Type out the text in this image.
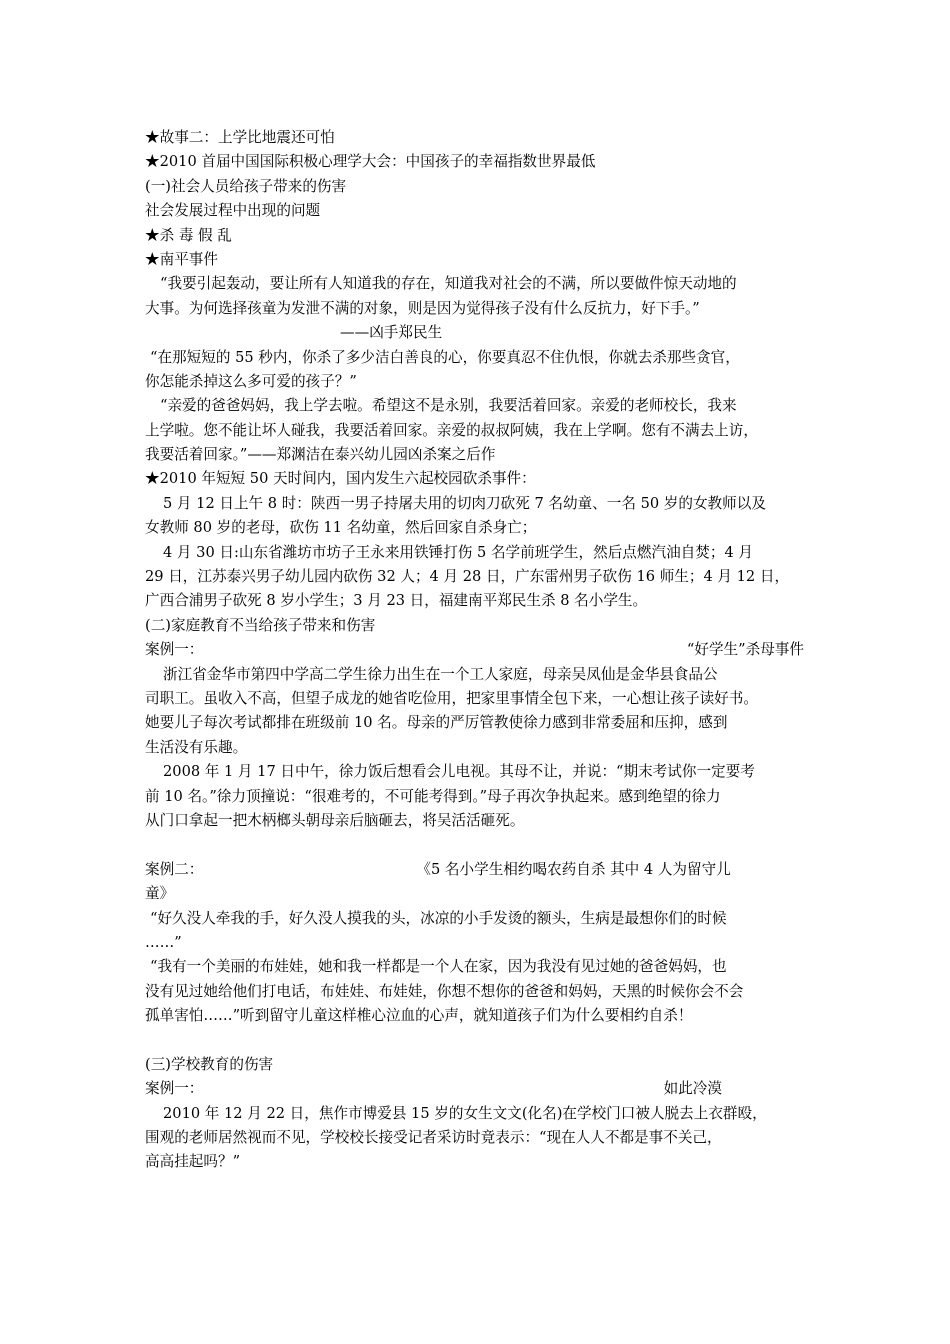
★故事二：上学比地震还可怕
★2010 首届中国国际积极心理学大会：中国孩子的幸福指数世界最低
(一)社会人员给孩子带来的伤害
社会发展过程中出现的问题
★杀 毒 假 乱
★南平事件
“我要引起轰动，要让所有人知道我的存在，知道我对社会的不满，所以要做件惊天动地的
大事。为何选择孩童为发泄不满的对象，则是因为觉得孩子没有什么反抗力，好下手。”
——凶手郑民生
“在那短短的 55 秒内，你杀了多少洁白善良的心，你要真忍不住仇恨，你就去杀那些贪官，
你怎能杀掉这么多可爱的孩子？”
“亲爱的爸爸妈妈，我上学去啦。希望这不是永别，我要活着回家。亲爱的老师校长，我来
上学啦。您不能让坏人碰我，我要活着回家。亲爱的叔叔阿姨，我在上学啊。您有不满去上访，
我要活着回家。”——郑渊洁在泰兴幼儿园凶杀案之后作
★2010 年短短 50 天时间内，国内发生六起校园砍杀事件：
5 月 12 日上午 8 时：陕西一男子持屠夫用的切肉刀砍死 7 名幼童、一名 50 岁的女教师以及
女教师 80 岁的老母，砍伤 11 名幼童，然后回家自杀身亡；
4 月 30 日:山东省潍坊市坊子王永来用铁锤打伤 5 名学前班学生，然后点燃汽油自焚；4 月
29 日，江苏泰兴男子幼儿园内砍伤 32 人；4 月 28 日，广东雷州男子砍伤 16 师生；4 月 12 日，
广西合浦男子砍死 8 岁小学生；3 月 23 日，福建南平郑民生杀 8 名小学生。
(二)家庭教育不当给孩子带来和伤害
案例一：	“好学生”杀母事件
浙江省金华市第四中学高二学生徐力出生在一个工人家庭，母亲吴凤仙是金华县食品公
司职工。虽收入不高，但望子成龙的她省吃俭用，把家里事情全包下来，一心想让孩子读好书。
她要儿子每次考试都排在班级前 10 名。母亲的严厉管教使徐力感到非常委屈和压抑，感到
生活没有乐趣。
2008 年 1 月 17 日中午，徐力饭后想看会儿电视。其母不让，并说：“期末考试你一定要考
前 10 名。”徐力顶撞说：“很难考的，不可能考得到。”母子再次争执起来。感到绝望的徐力
从门口拿起一把木柄榔头朝母亲后脑砸去，将吴活活砸死。
案例二：	《5 名小学生相约喝农药自杀 其中 4 人为留守儿
童》
“好久没人牵我的手，好久没人摸我的头，冰凉的小手发烫的额头，生病是最想你们的时候
……”
“我有一个美丽的布娃娃，她和我一样都是一个人在家，因为我没有见过她的爸爸妈妈，也
没有见过她给他们打电话，布娃娃、布娃娃，你想不想你的爸爸和妈妈，天黑的时候你会不会
孤单害怕……”听到留守儿童这样椎心泣血的心声，就知道孩子们为什么要相约自杀！
(三)学校教育的伤害
案例一：	如此冷漠
2010 年 12 月 22 日，焦作市博爱县 15 岁的女生文文(化名)在学校门口被人脱去上衣群殴，
围观的老师居然视而不见，学校校长接受记者采访时竟表示：“现在人人不都是事不关己，
高高挂起吗？”
